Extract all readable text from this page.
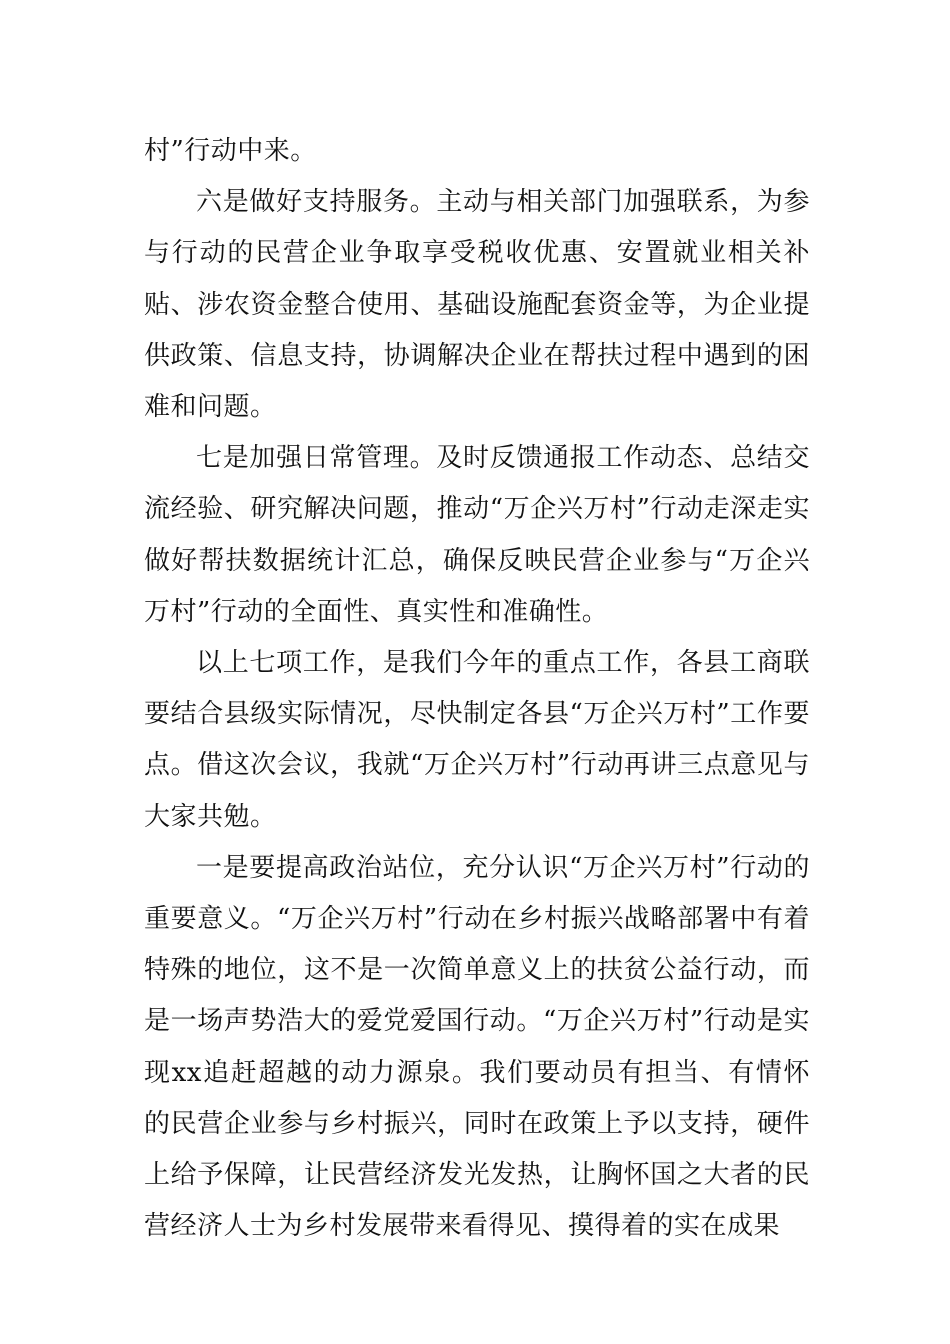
村”行动中来。

六是做好支持服务。主动与相关部门加强联系，为参与行动的民营企业争取享受税收优惠、安置就业相关补贴、涉农资金整合使用、基础设施配套资金等，为企业提供政策、信息支持，协调解决企业在帮扶过程中遇到的困难和问题。

七是加强日常管理。及时反馈通报工作动态、总结交流经验、研究解决问题，推动“万企兴万村”行动走深走实做好帮扶数据统计汇总，确保反映民营企业参与“万企兴万村”行动的全面性、真实性和准确性。

以上七项工作，是我们今年的重点工作，各县工商联要结合县级实际情况，尽快制定各县“万企兴万村”工作要点。借这次会议，我就“万企兴万村”行动再讲三点意见与大家共勉。

一是要提高政治站位，充分认识“万企兴万村”行动的重要意义。“万企兴万村”行动在乡村振兴战略部署中有着特殊的地位，这不是一次简单意义上的扶贫公益行动，而是一场声势浩大的爱党爱国行动。“万企兴万村”行动是实现xx追赶超越的动力源泉。我们要动员有担当、有情怀的民营企业参与乡村振兴，同时在政策上予以支持，硬件上给予保障，让民营经济发光发热，让胸怀国之大者的民营经济人士为乡村发展带来看得见、摸得着的实在成果
